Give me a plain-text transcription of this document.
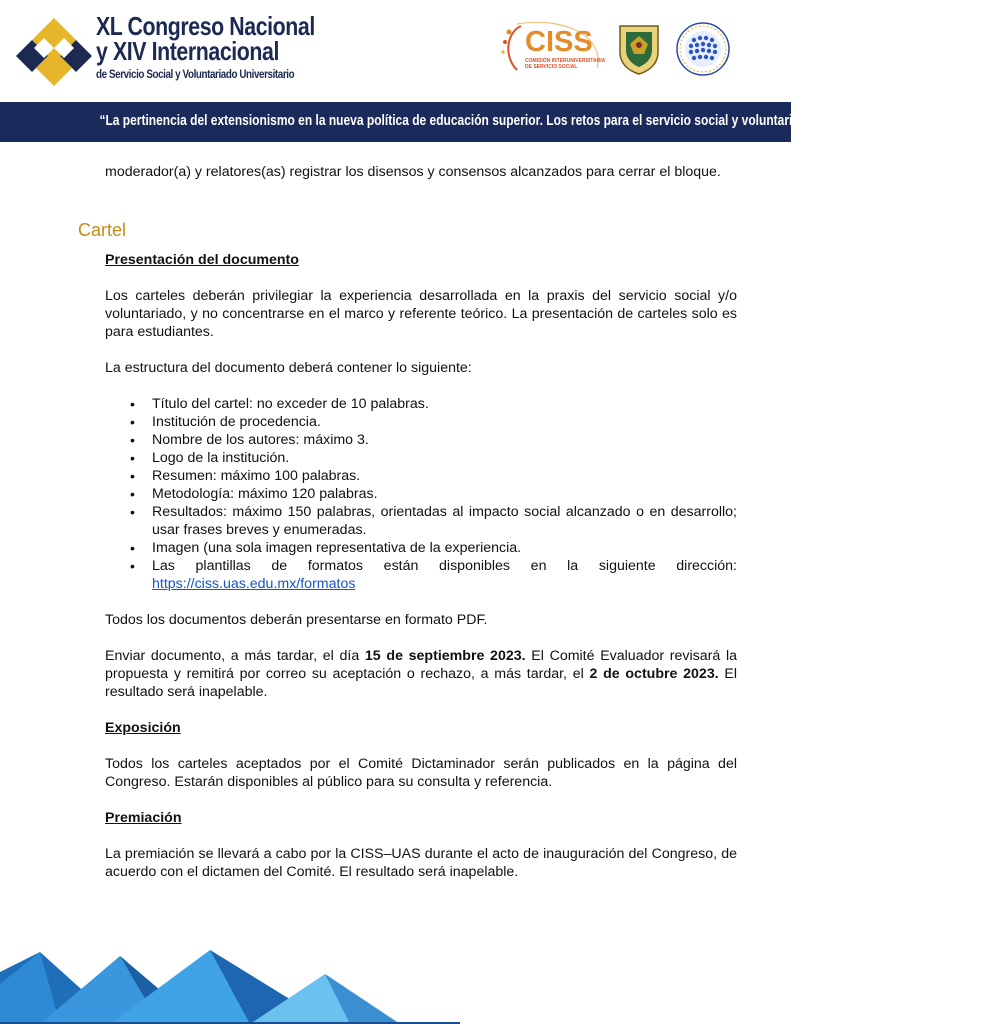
XL Congreso Nacional
y XIV Internacional
de Servicio Social y Voluntariado Universitario
CISS
COMISIÓN INTERUNIVERSITARIA DE SERVICIO SOCIAL
“La pertinencia del extensionismo en la nueva política de educación superior. Los retos para el servicio social y voluntariado universitario”
Cartel

moderador(a) y relatores(as) registrar los disensos y consensos alcanzados para cerrar el bloque.

Presentación del documento

Los carteles deberán privilegiar la experiencia desarrollada en la praxis del servicio social y/o voluntariado, y no concentrarse en el marco y referente teórico. La presentación de carteles solo es para estudiantes.

La estructura del documento deberá contener lo siguiente:

• Título del cartel: no exceder de 10 palabras.
• Institución de procedencia.
• Nombre de los autores: máximo 3.
• Logo de la institución.
• Resumen: máximo 100 palabras.
• Metodología: máximo 120 palabras.
• Resultados: máximo 150 palabras, orientadas al impacto social alcanzado o en desarrollo; usar frases breves y enumeradas.
• Imagen (una sola imagen representativa de la experiencia.
• Las plantillas de formatos están disponibles en la siguiente dirección: https://ciss.uas.edu.mx/formatos

Todos los documentos deberán presentarse en formato PDF.

Enviar documento, a más tardar, el día 15 de septiembre 2023. El Comité Evaluador revisará la propuesta y remitirá por correo su aceptación o rechazo, a más tardar, el 2 de octubre 2023. El resultado será inapelable.

Exposición

Todos los carteles aceptados por el Comité Dictaminador serán publicados en la página del Congreso. Estarán disponibles al público para su consulta y referencia.

Premiación

La premiación se llevará a cabo por la CISS–UAS durante el acto de inauguración del Congreso, de acuerdo con el dictamen del Comité. El resultado será inapelable.
